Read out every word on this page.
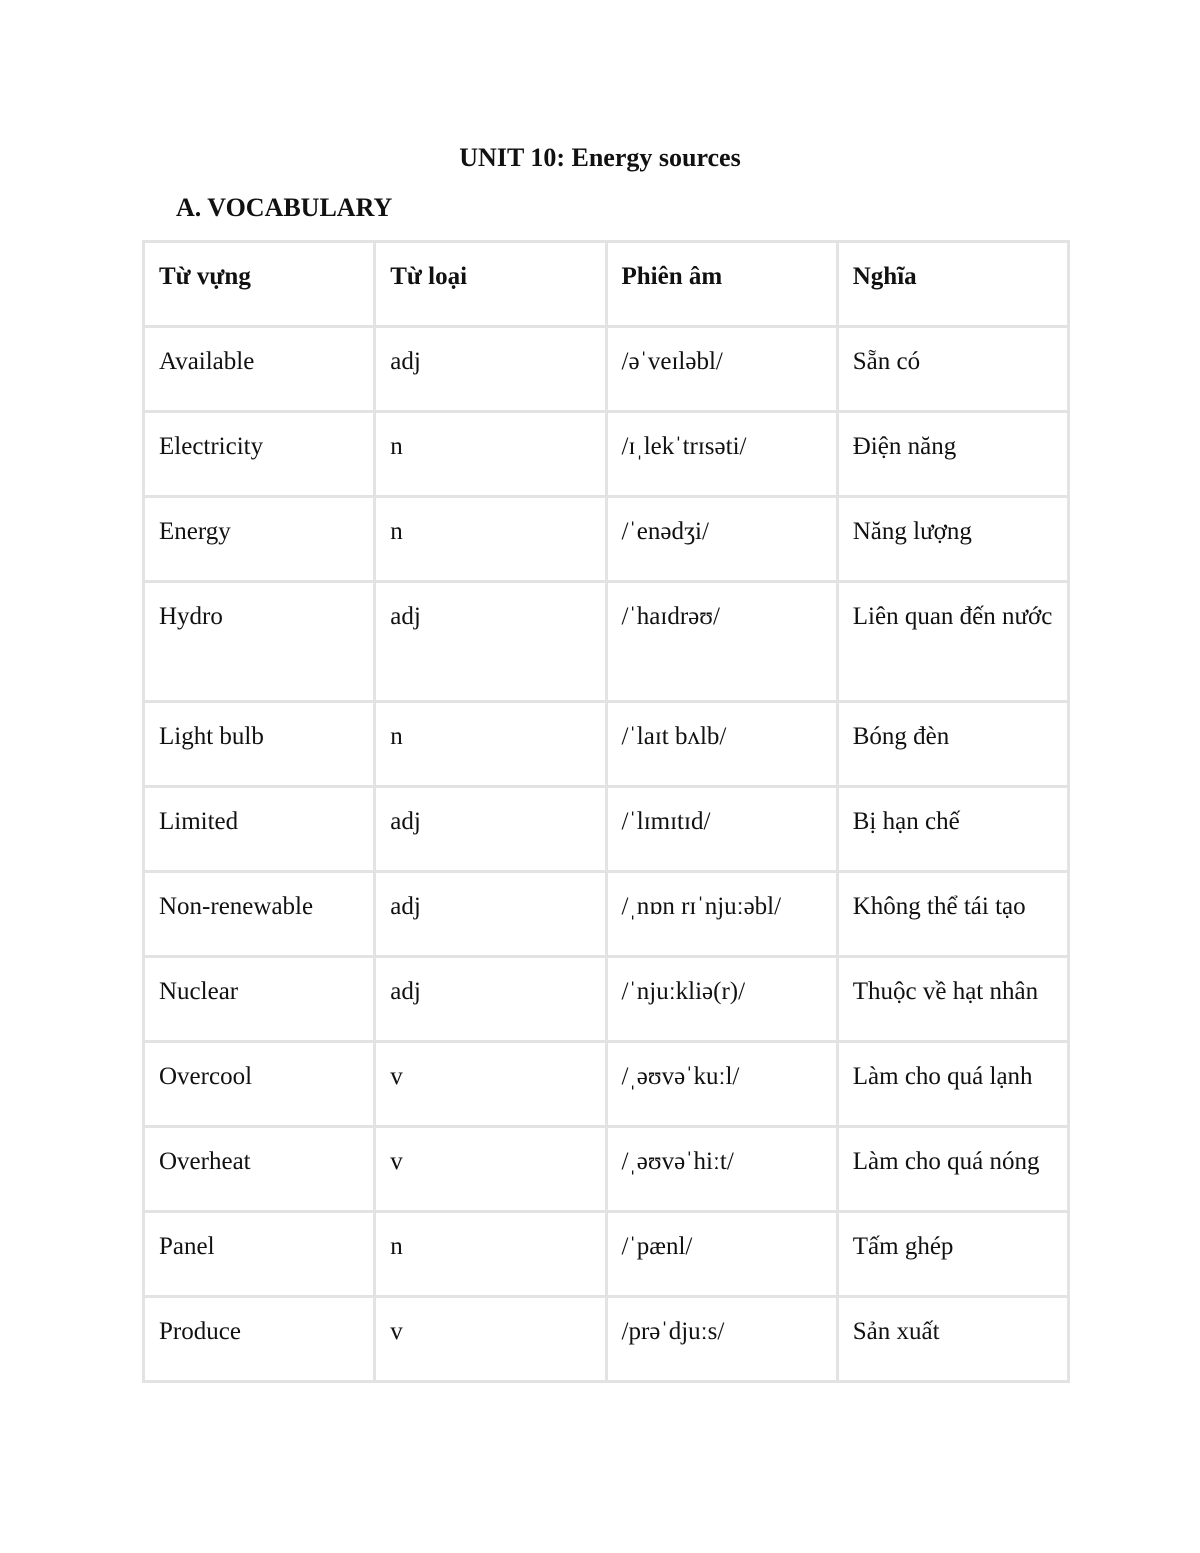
UNIT 10: Energy sources
A. VOCABULARY
Từ vựng	Từ loại	Phiên âm	Nghĩa
Available	adj	/əˈveɪləbl/	Sẵn có
Electricity	n	/ɪˌlekˈtrɪsəti/	Điện năng
Energy	n	/ˈenədʒi/	Năng lượng
Hydro	adj	/ˈhaɪdrəʊ/	Liên quan đến nước
Light bulb	n	/ˈlaɪt bʌlb/	Bóng đèn
Limited	adj	/ˈlɪmɪtɪd/	Bị hạn chế
Non-renewable	adj	/ˌnɒn rɪˈnjuːəbl/	Không thể tái tạo
Nuclear	adj	/ˈnjuːkliə(r)/	Thuộc về hạt nhân
Overcool	v	/ˌəʊvəˈkuːl/	Làm cho quá lạnh
Overheat	v	/ˌəʊvəˈhiːt/	Làm cho quá nóng
Panel	n	/ˈpænl/	Tấm ghép
Produce	v	/prəˈdjuːs/	Sản xuất
